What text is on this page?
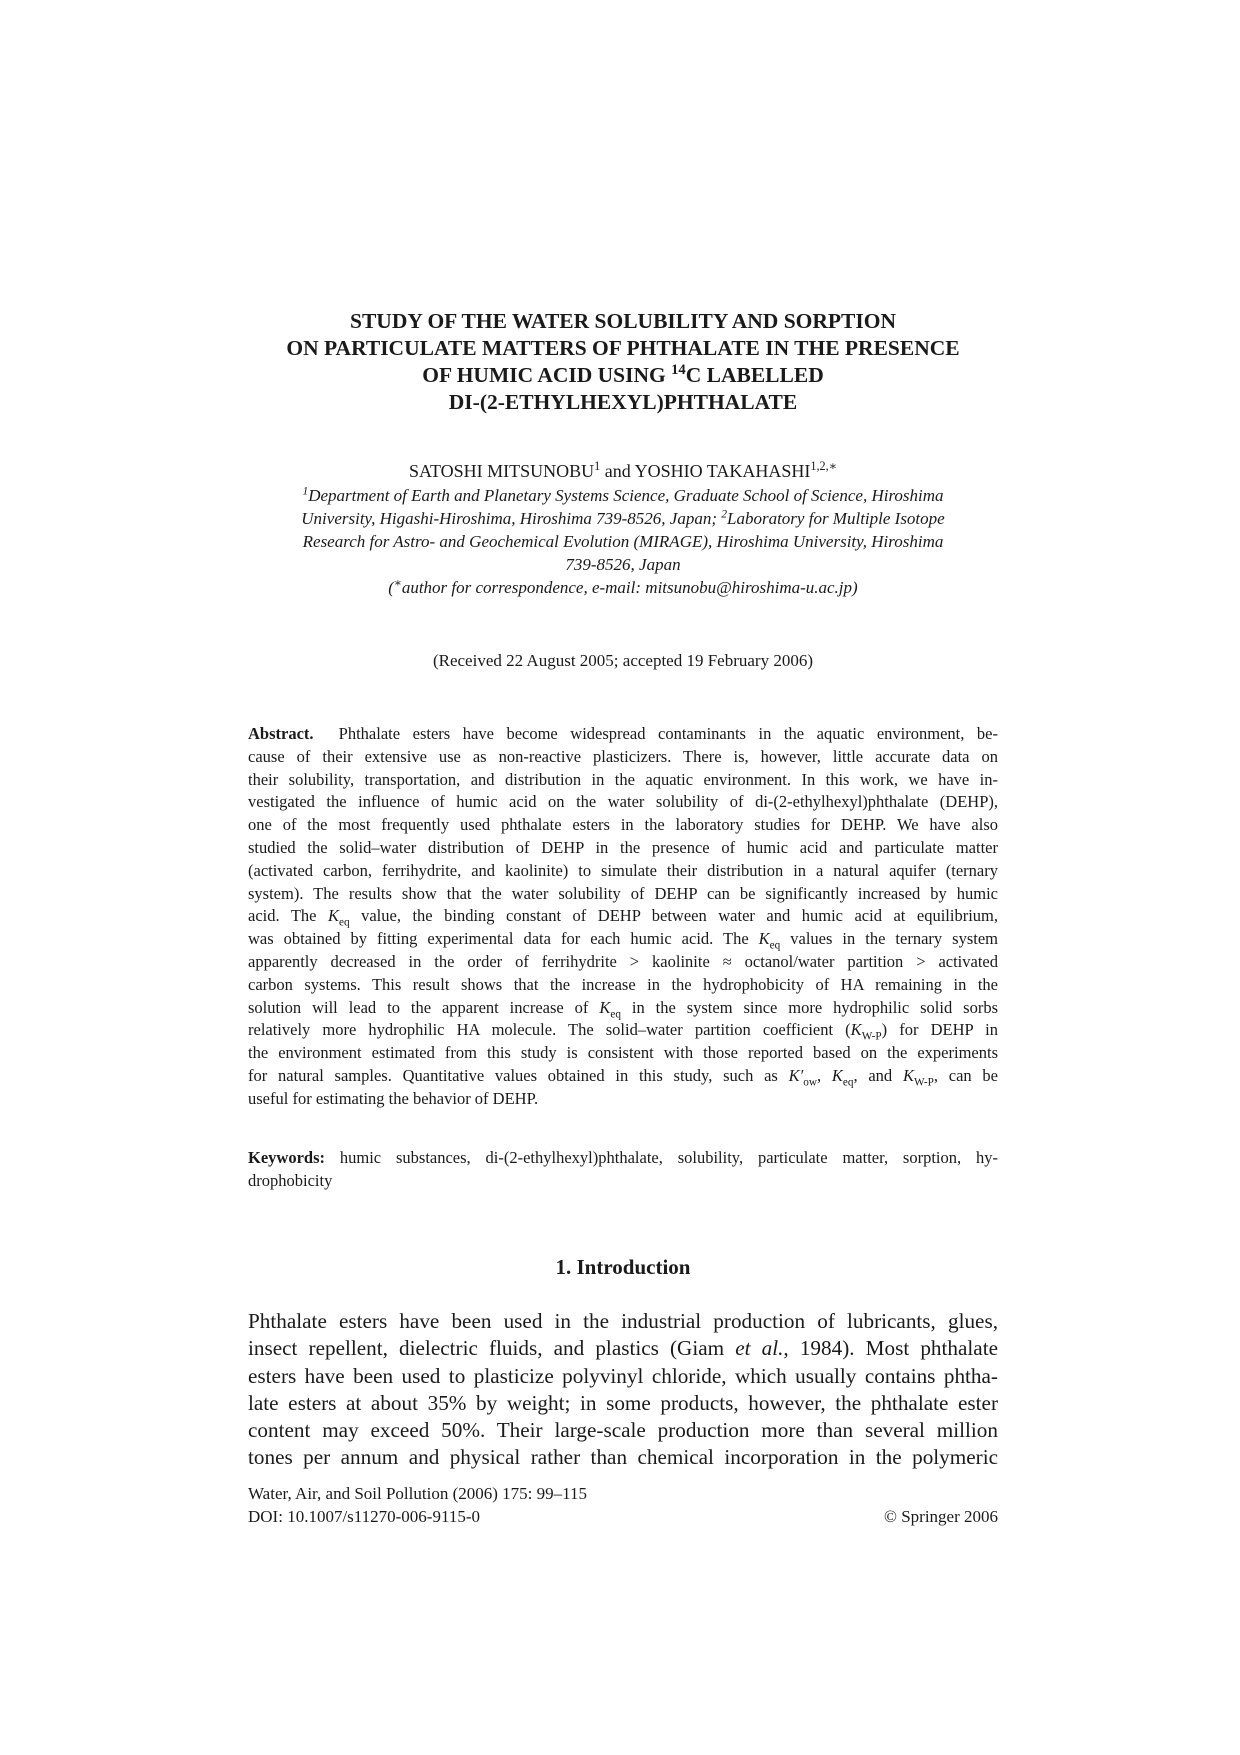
STUDY OF THE WATER SOLUBILITY AND SORPTION
ON PARTICULATE MATTERS OF PHTHALATE IN THE PRESENCE
OF HUMIC ACID USING $^{14}$C LABELLED
DI-(2-ETHYLHEXYL)PHTHALATE
SATOSHI MITSUNOBU$^1$ and YOSHIO $TAKAHASHI^{1,2,∗}$
$^1$Department of Earth and Planetary Systems Science, Graduate School of Science, Hiroshima
University, Higashi-Hiroshima, Hiroshima 739-8526, Japan; $^2$Laboratory for Multiple Isotope
Research for Astro- and Geochemical Evolution (MIRAGE), Hiroshima University, Hiroshima
739-8526, Japan
(∗author for correspondence, e-mail: mitsunobu@hiroshima-u.ac.jp)
(Received 22 August 2005; accepted 19 February 2006)
Abstract. Phthalate esters have become widespread contaminants in the aquatic environment, be-
cause of their extensive use as non-reactive plasticizers. There is, however, little accurate data on
their solubility, transportation, and distribution in the aquatic environment. In this work, we have in-
vestigated the influence of humic acid on the water solubility of di-(2-ethylhexyl)phthalate (DEHP),
one of the most frequently used phthalate esters in the laboratory studies for DEHP. We have also
studied the solid–water distribution of DEHP in the presence of humic acid and particulate matter
(activated carbon, ferrihydrite, and kaolinite) to simulate their distribution in a natural aquifer (ternary
system). The results show that the water solubility of DEHP can be significantly increased by humic
acid. The $K_{eq}$ value, the binding constant of DEHP between water and humic acid at equilibrium,
was obtained by fitting experimental data for each humic acid. The $K_{eq}$ values in the ternary system
apparently decreased in the order of ferrihydrite > kaolinite ≈ octanol/water partition > activated
carbon systems. This result shows that the increase in the hydrophobicity of HA remaining in the
solution will lead to the apparent increase of $K_{eq}$ in the system since more hydrophilic solid sorbs
relatively more hydrophilic HA molecule. The solid–water partition coefficient $(K_{W-P})$ for DEHP in
the environment estimated from this study is consistent with those reported based on the experiments
for natural samples. Quantitative values obtained in this study, such as $K'_{ow}$, $K_{eq}$, and $K_{W-P}$, can be
useful for estimating the behavior of DEHP.
Keywords: humic substances, di-(2-ethylhexyl)phthalate, solubility, particulate matter, sorption, hy-
drophobicity
1. Introduction
Phthalate esters have been used in the industrial production of lubricants, glues,
insect repellent, dielectric fluids, and plastics (Giam et al., 1984). Most phthalate
esters have been used to plasticize polyvinyl chloride, which usually contains phtha-
late esters at about 35% by weight; in some products, however, the phthalate ester
content may exceed 50%. Their large-scale production more than several million
tones per annum and physical rather than chemical incorporation in the polymeric
Water, Air, and Soil Pollution (2006) 175: 99–115
DOI: 10.1007/s11270-006-9115-0	© Springer 2006
